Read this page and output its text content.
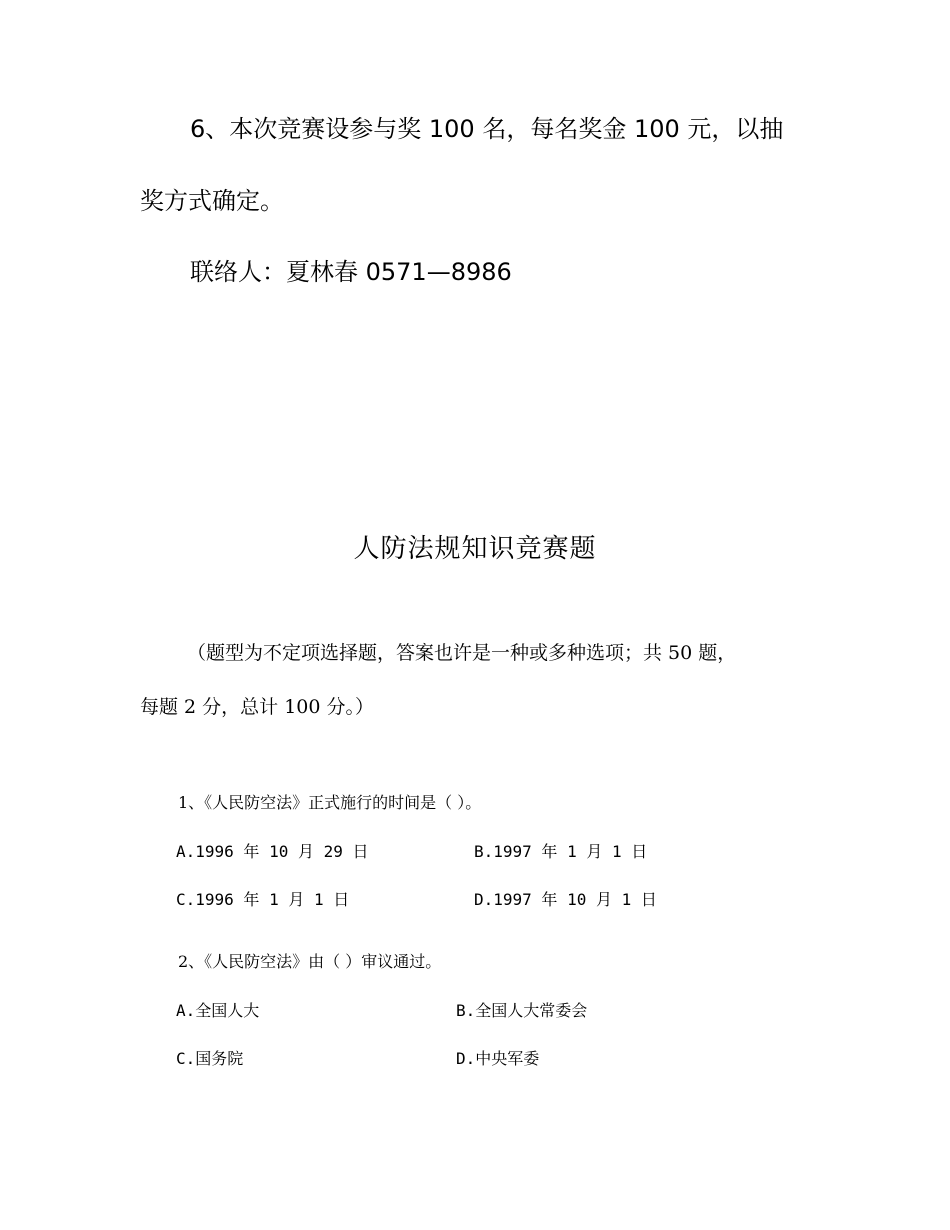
6、本次竞赛设参与奖 100 名，每名奖金 100 元，以抽
奖方式确定。
联络人：夏林春 0571—8986
人防法规知识竞赛题
（题型为不定项选择题，答案也许是一种或多种选项；共 50 题，
每题 2 分，总计 100 分。）
1、《人民防空法》正式施行的时间是（ ）。
A.1996 年 10 月 29 日	B.1997 年 1 月 1 日
C.1996 年 1 月 1 日	D.1997 年 10 月 1 日
2、《人民防空法》由（ ）审议通过。
A.全国人大	B.全国人大常委会
C.国务院	D.中央军委
